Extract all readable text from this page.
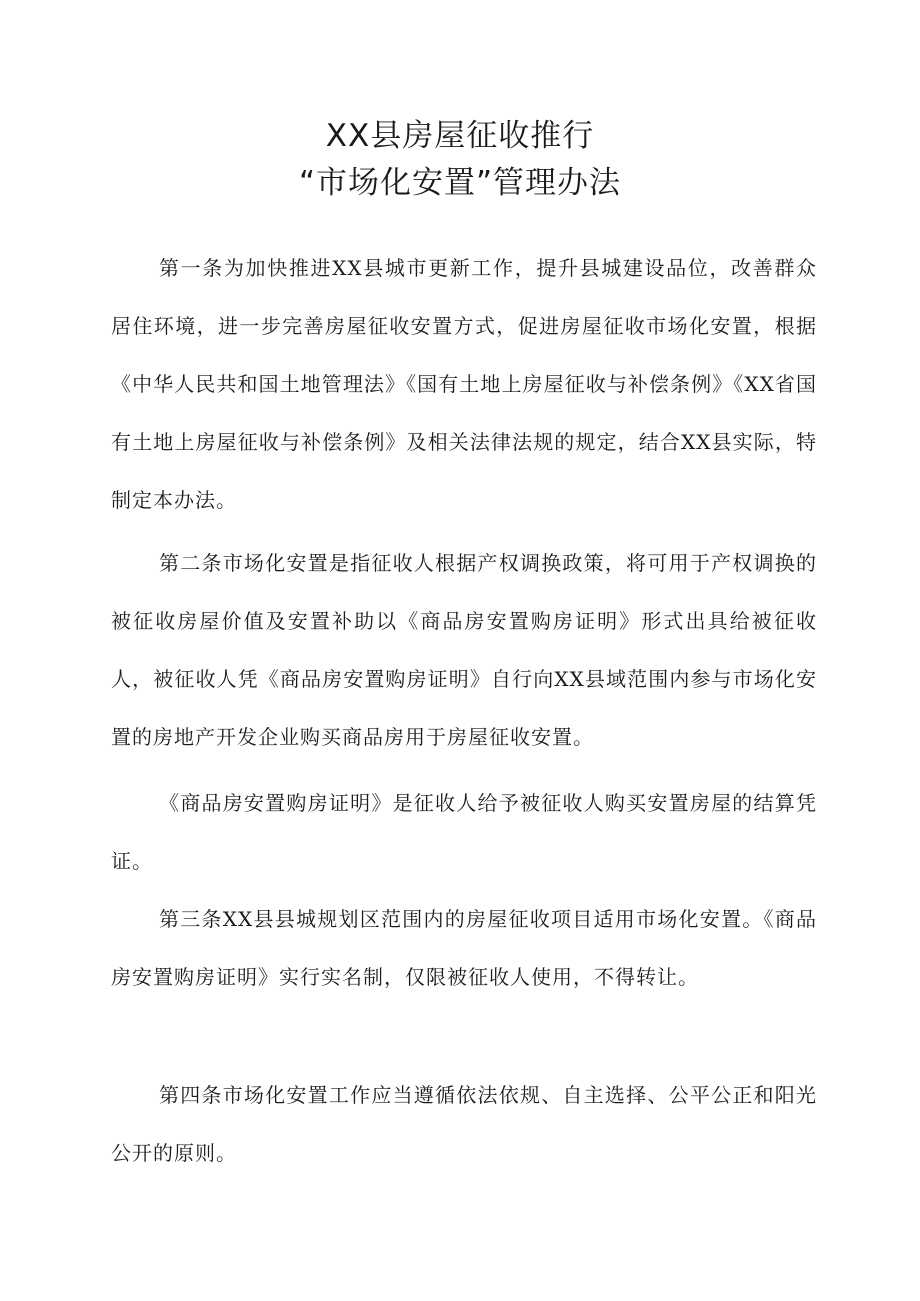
XX县房屋征收推行
“市场化安置”管理办法

第一条为加快推进XX县城市更新工作，提升县城建设品位，改善群众居住环境，进一步完善房屋征收安置方式，促进房屋征收市场化安置，根据《中华人民共和国土地管理法》《国有土地上房屋征收与补偿条例》《XX省国有土地上房屋征收与补偿条例》及相关法律法规的规定，结合XX县实际，特制定本办法。

第二条市场化安置是指征收人根据产权调换政策，将可用于产权调换的被征收房屋价值及安置补助以《商品房安置购房证明》形式出具给被征收人，被征收人凭《商品房安置购房证明》自行向XX县域范围内参与市场化安置的房地产开发企业购买商品房用于房屋征收安置。

《商品房安置购房证明》是征收人给予被征收人购买安置房屋的结算凭证。

第三条XX县县城规划区范围内的房屋征收项目适用市场化安置。《商品房安置购房证明》实行实名制，仅限被征收人使用，不得转让。

第四条市场化安置工作应当遵循依法依规、自主选择、公平公正和阳光公开的原则。
